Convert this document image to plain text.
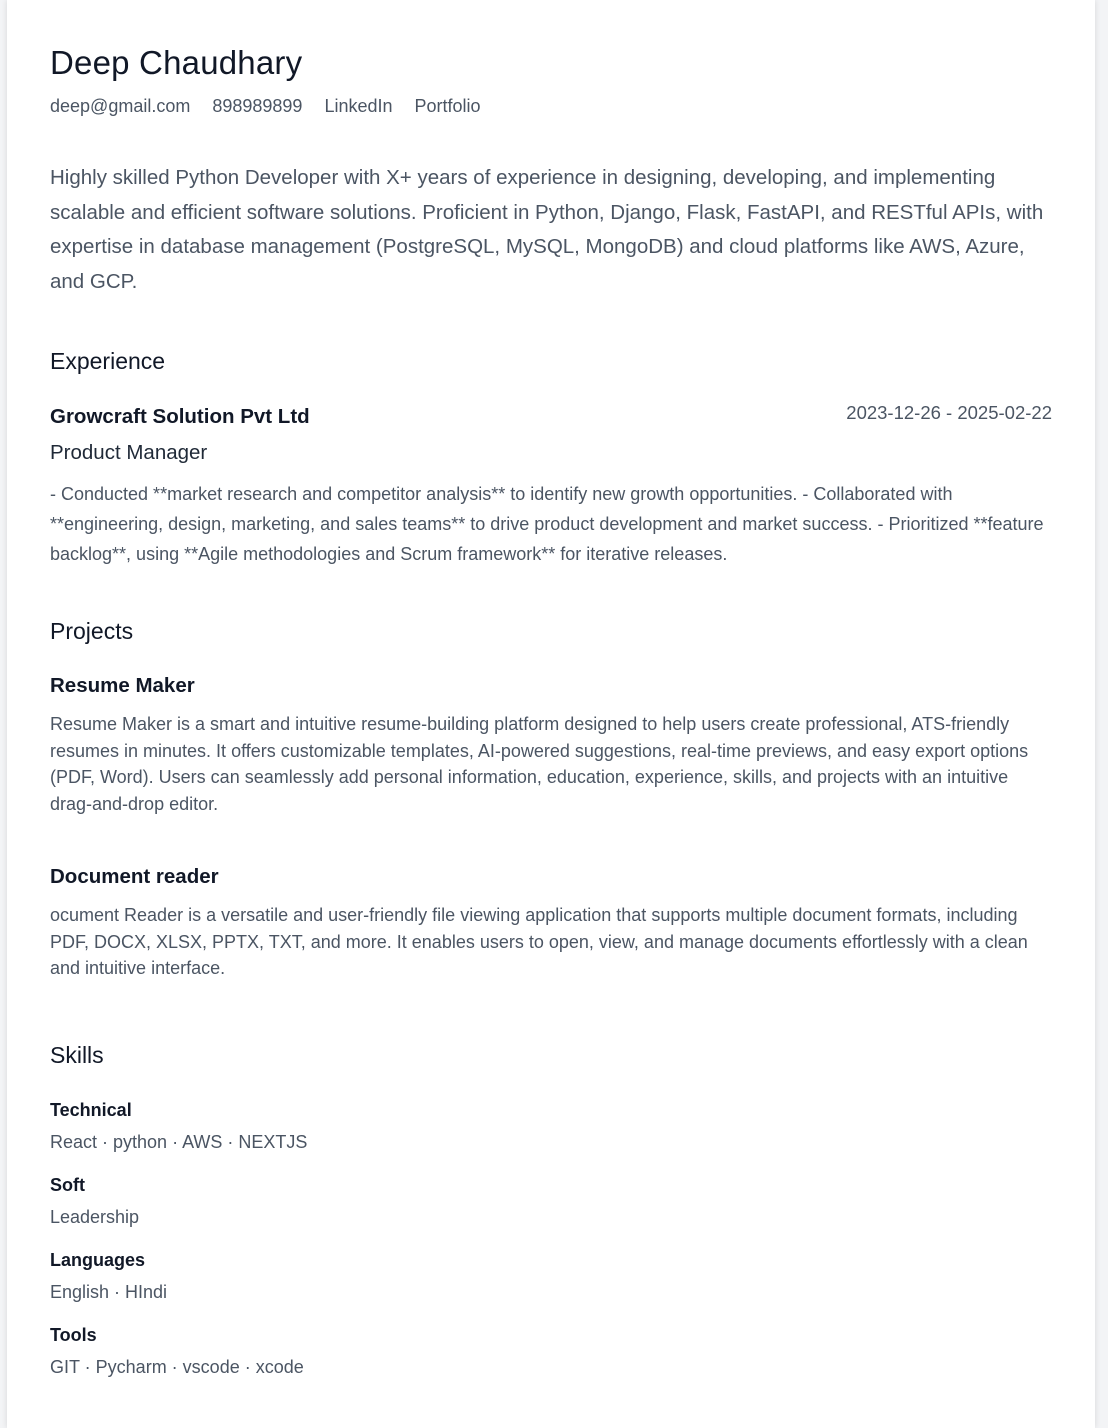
Deep Chaudhary
deep@gmail.com 898989899 LinkedIn Portfolio
Highly skilled Python Developer with X+ years of experience in designing, developing, and implementing scalable and efficient software solutions. Proficient in Python, Django, Flask, FastAPI, and RESTful APIs, with expertise in database management (PostgreSQL, MySQL, MongoDB) and cloud platforms like AWS, Azure, and GCP.
Experience
Growcraft Solution Pvt Ltd	2023-12-26 - 2025-02-22
Product Manager
- Conducted **market research and competitor analysis** to identify new growth opportunities. - Collaborated with **engineering, design, marketing, and sales teams** to drive product development and market success. - Prioritized **feature backlog**, using **Agile methodologies and Scrum framework** for iterative releases.
Projects
Resume Maker
Resume Maker is a smart and intuitive resume-building platform designed to help users create professional, ATS-friendly resumes in minutes. It offers customizable templates, AI-powered suggestions, real-time previews, and easy export options (PDF, Word). Users can seamlessly add personal information, education, experience, skills, and projects with an intuitive drag-and-drop editor.
Document reader
ocument Reader is a versatile and user-friendly file viewing application that supports multiple document formats, including PDF, DOCX, XLSX, PPTX, TXT, and more. It enables users to open, view, and manage documents effortlessly with a clean and intuitive interface.
Skills
Technical
React · python · AWS · NEXTJS
Soft
Leadership
Languages
English · HIndi
Tools
GIT · Pycharm · vscode · xcode
